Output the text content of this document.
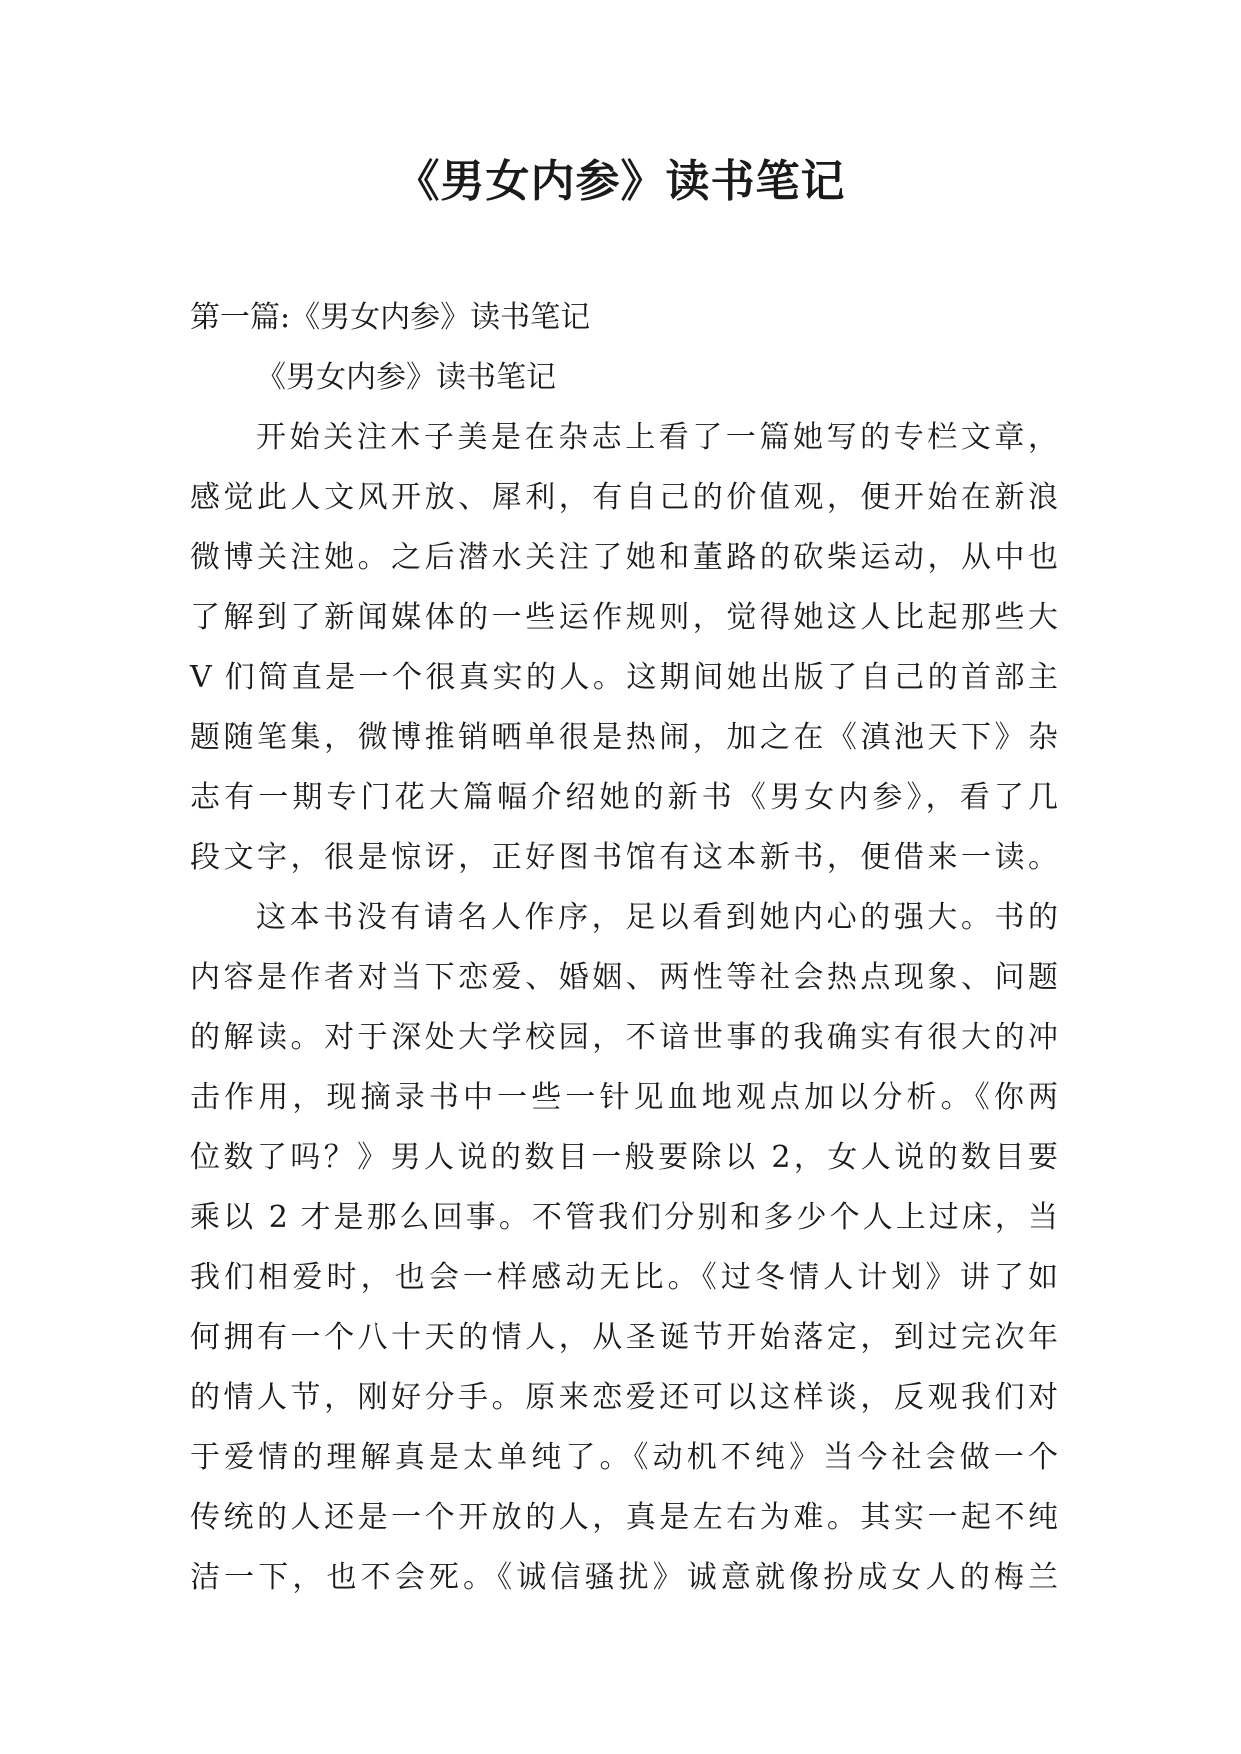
《男女内参》读书笔记
第一篇:《男女内参》读书笔记
《男女内参》读书笔记
开始关注木子美是在杂志上看了一篇她写的专栏文章，
感觉此人文风开放、犀利，有自己的价值观，便开始在新浪
微博关注她。之后潜水关注了她和董路的砍柴运动，从中也
了解到了新闻媒体的一些运作规则，觉得她这人比起那些大
V 们简直是一个很真实的人。这期间她出版了自己的首部主
题随笔集，微博推销晒单很是热闹，加之在《滇池天下》杂
志有一期专门花大篇幅介绍她的新书《男女内参》，看了几
段文字，很是惊讶，正好图书馆有这本新书，便借来一读。
这本书没有请名人作序，足以看到她内心的强大。书的
内容是作者对当下恋爱、婚姻、两性等社会热点现象、问题
的解读。对于深处大学校园，不谙世事的我确实有很大的冲
击作用，现摘录书中一些一针见血地观点加以分析。《你两
位数了吗？》男人说的数目一般要除以 2，女人说的数目要
乘以 2 才是那么回事。不管我们分别和多少个人上过床，当
我们相爱时，也会一样感动无比。《过冬情人计划》讲了如
何拥有一个八十天的情人，从圣诞节开始落定，到过完次年
的情人节，刚好分手。原来恋爱还可以这样谈，反观我们对
于爱情的理解真是太单纯了。《动机不纯》当今社会做一个
传统的人还是一个开放的人，真是左右为难。其实一起不纯
洁一下，也不会死。《诚信骚扰》诚意就像扮成女人的梅兰
